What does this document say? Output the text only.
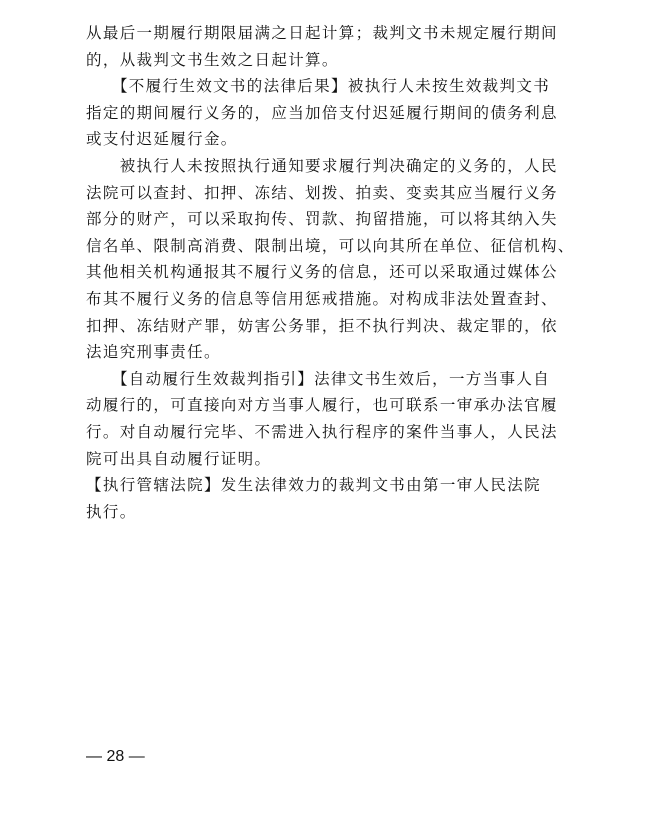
从最后一期履行期限届满之日起计算；裁判文书未规定履行期间
的，从裁判文书生效之日起计算。
　　【不履行生效文书的法律后果】被执行人未按生效裁判文书
指定的期间履行义务的，应当加倍支付迟延履行期间的债务利息
或支付迟延履行金。
　　被执行人未按照执行通知要求履行判决确定的义务的，人民
法院可以查封、扣押、冻结、划拨、拍卖、变卖其应当履行义务
部分的财产，可以采取拘传、罚款、拘留措施，可以将其纳入失
信名单、限制高消费、限制出境，可以向其所在单位、征信机构、
其他相关机构通报其不履行义务的信息，还可以采取通过媒体公
布其不履行义务的信息等信用惩戒措施。对构成非法处置查封、
扣押、冻结财产罪，妨害公务罪，拒不执行判决、裁定罪的，依
法追究刑事责任。
　　【自动履行生效裁判指引】法律文书生效后，一方当事人自
动履行的，可直接向对方当事人履行，也可联系一审承办法官履
行。对自动履行完毕、不需进入执行程序的案件当事人，人民法
院可出具自动履行证明。
【执行管辖法院】发生法律效力的裁判文书由第一审人民法院
执行。
— 28 —
